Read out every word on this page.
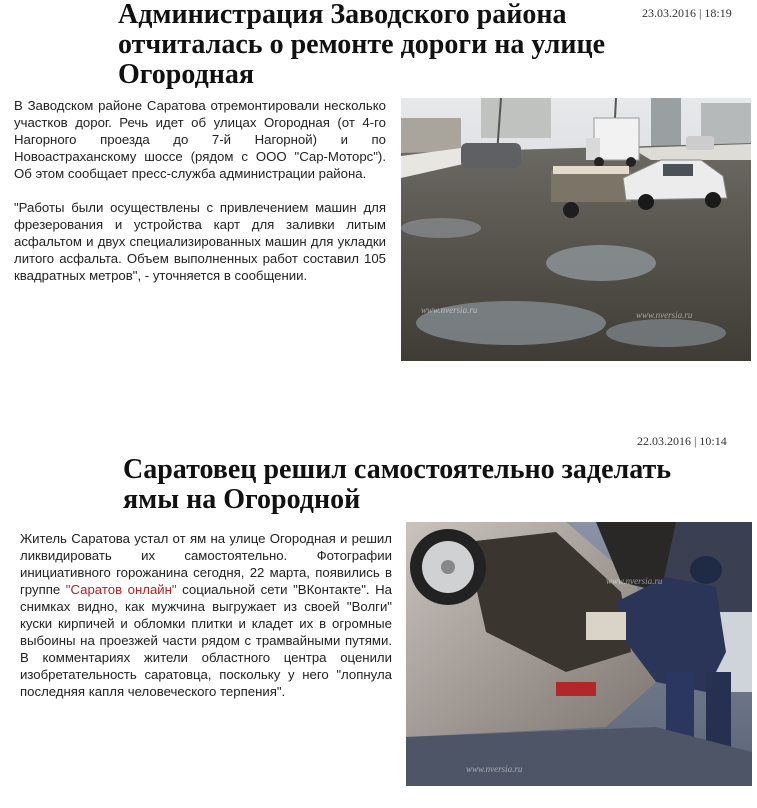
23.03.2016 | 18:19
Администрация Заводского района отчиталась о ремонте дороги на улице Огородная

В Заводском районе Саратова отремонтировали несколько участков дорог. Речь идет об улицах Огородная (от 4-го Нагорного проезда до 7-й Нагорной) и по Новоастраханскому шоссе (рядом с ООО "Сар-Моторс"). Об этом сообщает пресс-служба администрации района.

"Работы были осуществлены с привлечением машин для фрезерования и устройства карт для заливки литым асфальтом и двух специализированных машин для укладки литого асфальта. Объем выполненных работ составил 105 квадратных метров", - уточняется в сообщении.

www.nversia.ru	www.nversia.ru
22.03.2016 | 10:14
Саратовец решил самостоятельно заделать ямы на Огородной

Житель Саратова устал от ям на улице Огородная и решил ликвидировать их самостоятельно. Фотографии инициативного горожанина сегодня, 22 марта, появились в группе "Саратов онлайн" социальной сети "ВКонтакте". На снимках видно, как мужчина выгружает из своей "Волги" куски кирпичей и обломки плитки и кладет их в огромные выбоины на проезжей части рядом с трамвайными путями. В комментариях жители областного центра оценили изобретательность саратовца, поскольку у него "лопнула последняя капля человеческого терпения".

www.nversia.ru
www.nversia.ru
